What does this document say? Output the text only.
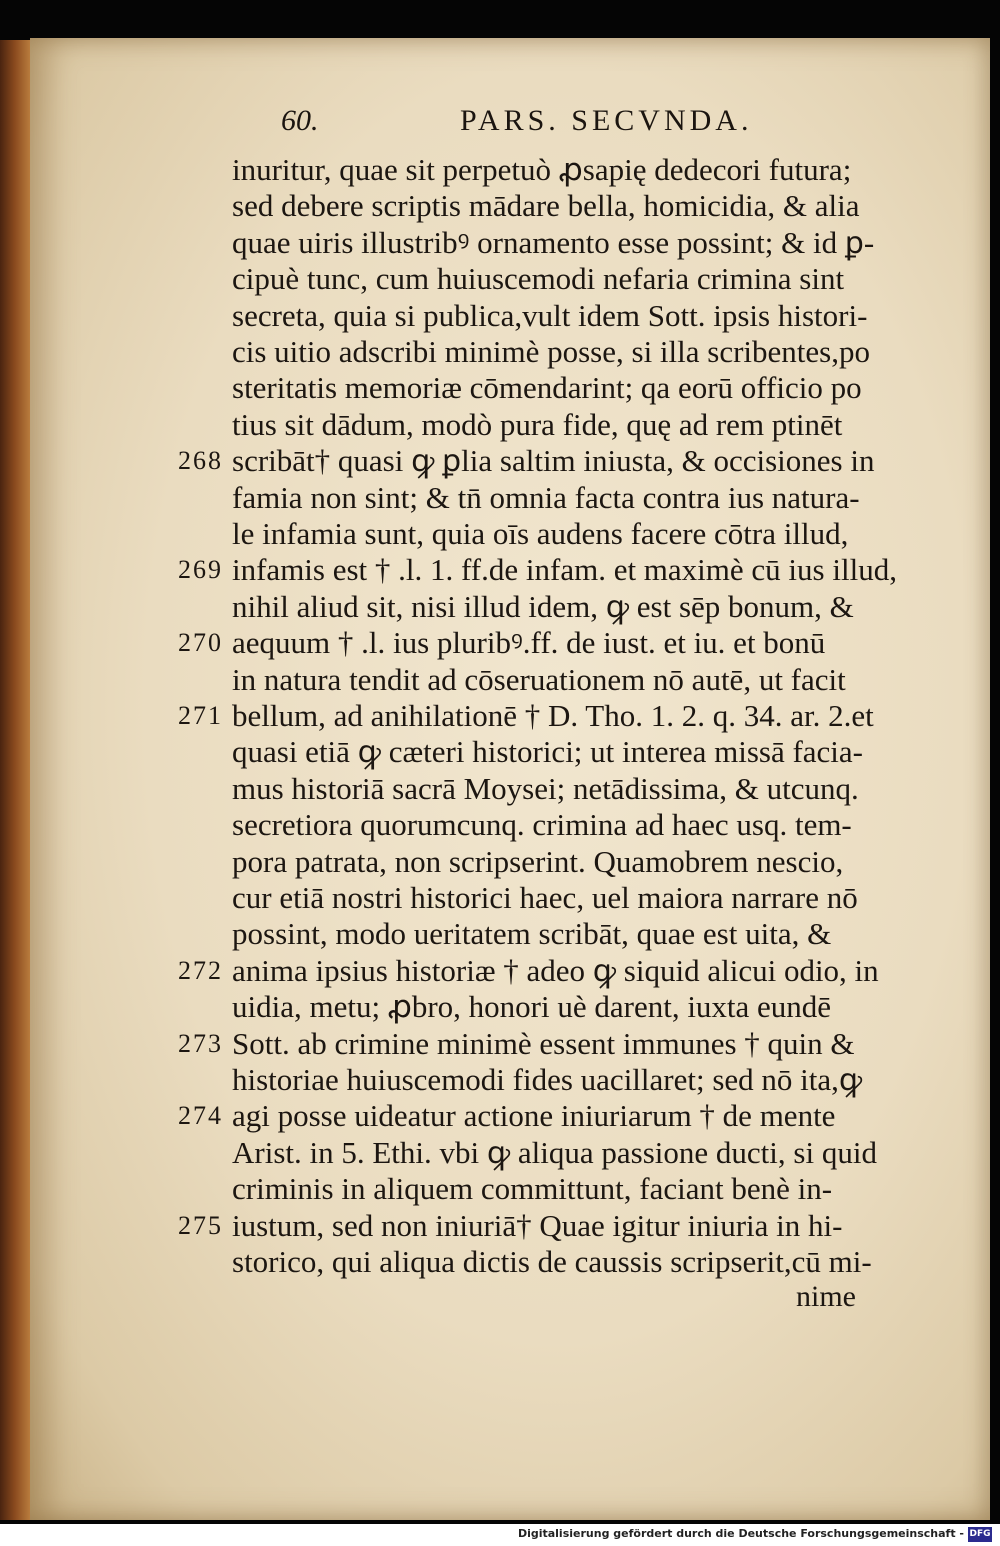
60.	PARS. SECVNDA.
inuritur, quae sit perpetuò ꝓsapię dedecori futura;
sed debere scriptis mādare bella, homicidia, & alia
quae uiris illustribꝰ ornamento esse possint; & id ꝑ-
cipuè tunc, cum huiuscemodi nefaria crimina sint
secreta, quia si publica,vult idem Sott. ipsis histori-
cis uitio adscribi minimè posse, si illa scribentes,po
steritatis memoriæ cōmendarint; qa eorū officio po
tius sit dādum, modò pura fide, quę ad rem ptinēt
268 scribāt† quasi ꝙ ꝑlia saltim iniusta, & occisiones in
famia non sint; & tn̄ omnia facta contra ius natura-
le infamia sunt, quia oīs audens facere cōtra illud,
269 infamis est † .l. 1. ff.de infam. et maximè cū ius illud,
nihil aliud sit, nisi illud idem, ꝙ est sēp bonum, &
270 aequum † .l. ius pluribꝰ.ff. de iust. et iu. et bonū
in natura tendit ad cōseruationem nō autē, ut facit
271 bellum, ad anihilationē † D. Tho. 1. 2. q. 34. ar. 2.et
quasi etiā ꝙ cæteri historici; ut interea missā facia-
mus historiā sacrā Moysei; netādissima, & utcunq.
secretiora quorumcunq. crimina ad haec usq. tem-
pora patrata, non scripserint. Quamobrem nescio,
cur etiā nostri historici haec, uel maiora narrare nō
possint, modo ueritatem scribāt, quae est uita, &
272 anima ipsius historiæ † adeo ꝙ siquid alicui odio, in
uidia, metu; ꝓbro, honori uè darent, iuxta eundē
273 Sott. ab crimine minimè essent immunes † quin &
historiae huiuscemodi fides uacillaret; sed nō ita,ꝙ
274 agi posse uideatur actione iniuriarum † de mente
Arist. in 5. Ethi. vbi ꝙ aliqua passione ducti, si quid
criminis in aliquem committunt, faciant benè in-
275 iustum, sed non iniuriā† Quae igitur iniuria in hi-
storico, qui aliqua dictis de caussis scripserit,cū mi-
nime
Digitalisierung gefördert durch die Deutsche Forschungsgemeinschaft - DFG
